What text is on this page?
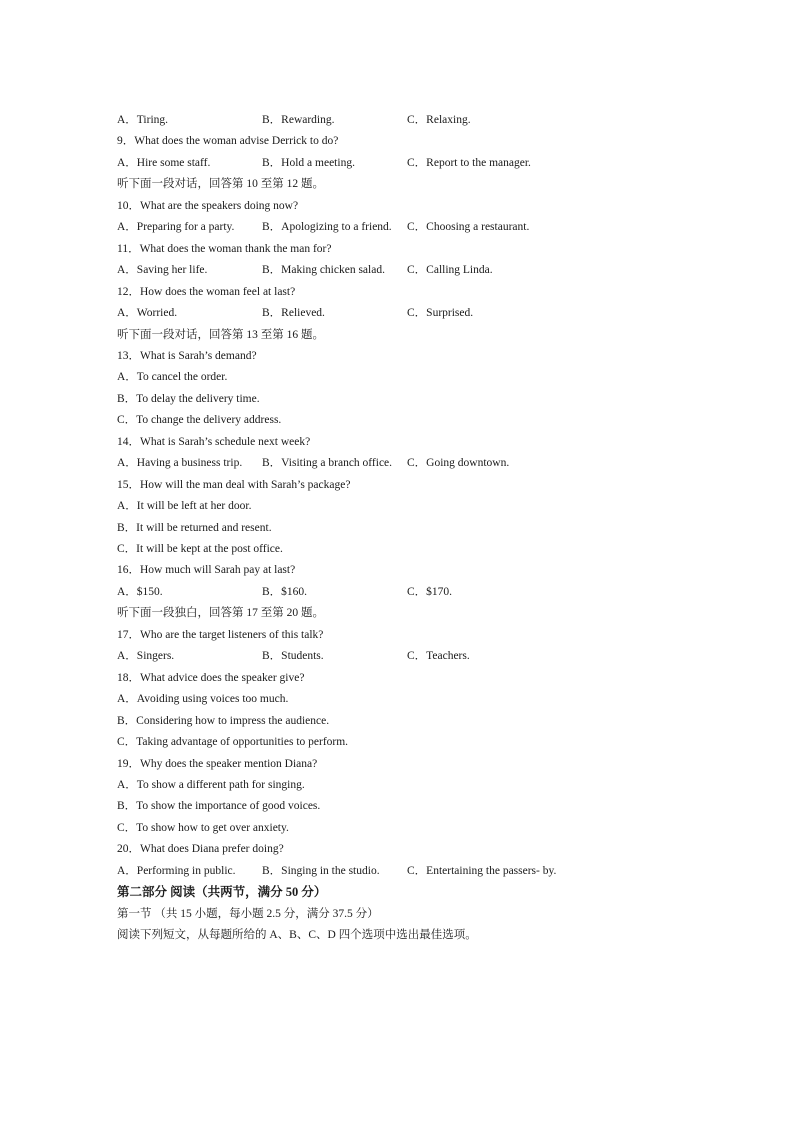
A．Tiring.	B．Rewarding.	C．Relaxing.
9．What does the woman advise Derrick to do?
A．Hire some staff.	B．Hold a meeting.	C．Report to the manager.
听下面一段对话，回答第 10 至第 12 题。
10．What are the speakers doing now?
A．Preparing for a party. B．Apologizing to a friend. C．Choosing a restaurant.
11．What does the woman thank the man for?
A．Saving her life.	B．Making chicken salad. C．Calling Linda.
12．How does the woman feel at last?
A．Worried.	B．Relieved.	C．Surprised.
听下面一段对话，回答第 13 至第 16 题。
13．What is Sarah’s demand?
A．To cancel the order.
B．To delay the delivery time.
C．To change the delivery address.
14．What is Sarah’s schedule next week?
A．Having a business trip. B．Visiting a branch office. C．Going downtown.
15．How will the man deal with Sarah’s package?
A．It will be left at her door.
B．It will be returned and resent.
C．It will be kept at the post office.
16．How much will Sarah pay at last?
A．$150.	B．$160.	C．$170.
听下面一段独白，回答第 17 至第 20 题。
17．Who are the target listeners of this talk?
A．Singers.	B．Students.	C．Teachers.
18．What advice does the speaker give?
A．Avoiding using voices too much.
B．Considering how to impress the audience.
C．Taking advantage of opportunities to perform.
19．Why does the speaker mention Diana?
A．To show a different path for singing.
B．To show the importance of good voices.
C．To show how to get over anxiety.
20．What does Diana prefer doing?
A．Performing in public. B．Singing in the studio. C．Entertaining the passers- by.
第二部分 阅读（共两节，满分 50 分）
第一节 （共 15 小题，每小题 2.5 分，满分 37.5 分）
阅读下列短文，从每题所给的 A、B、C、D 四个选项中选出最佳选项。
